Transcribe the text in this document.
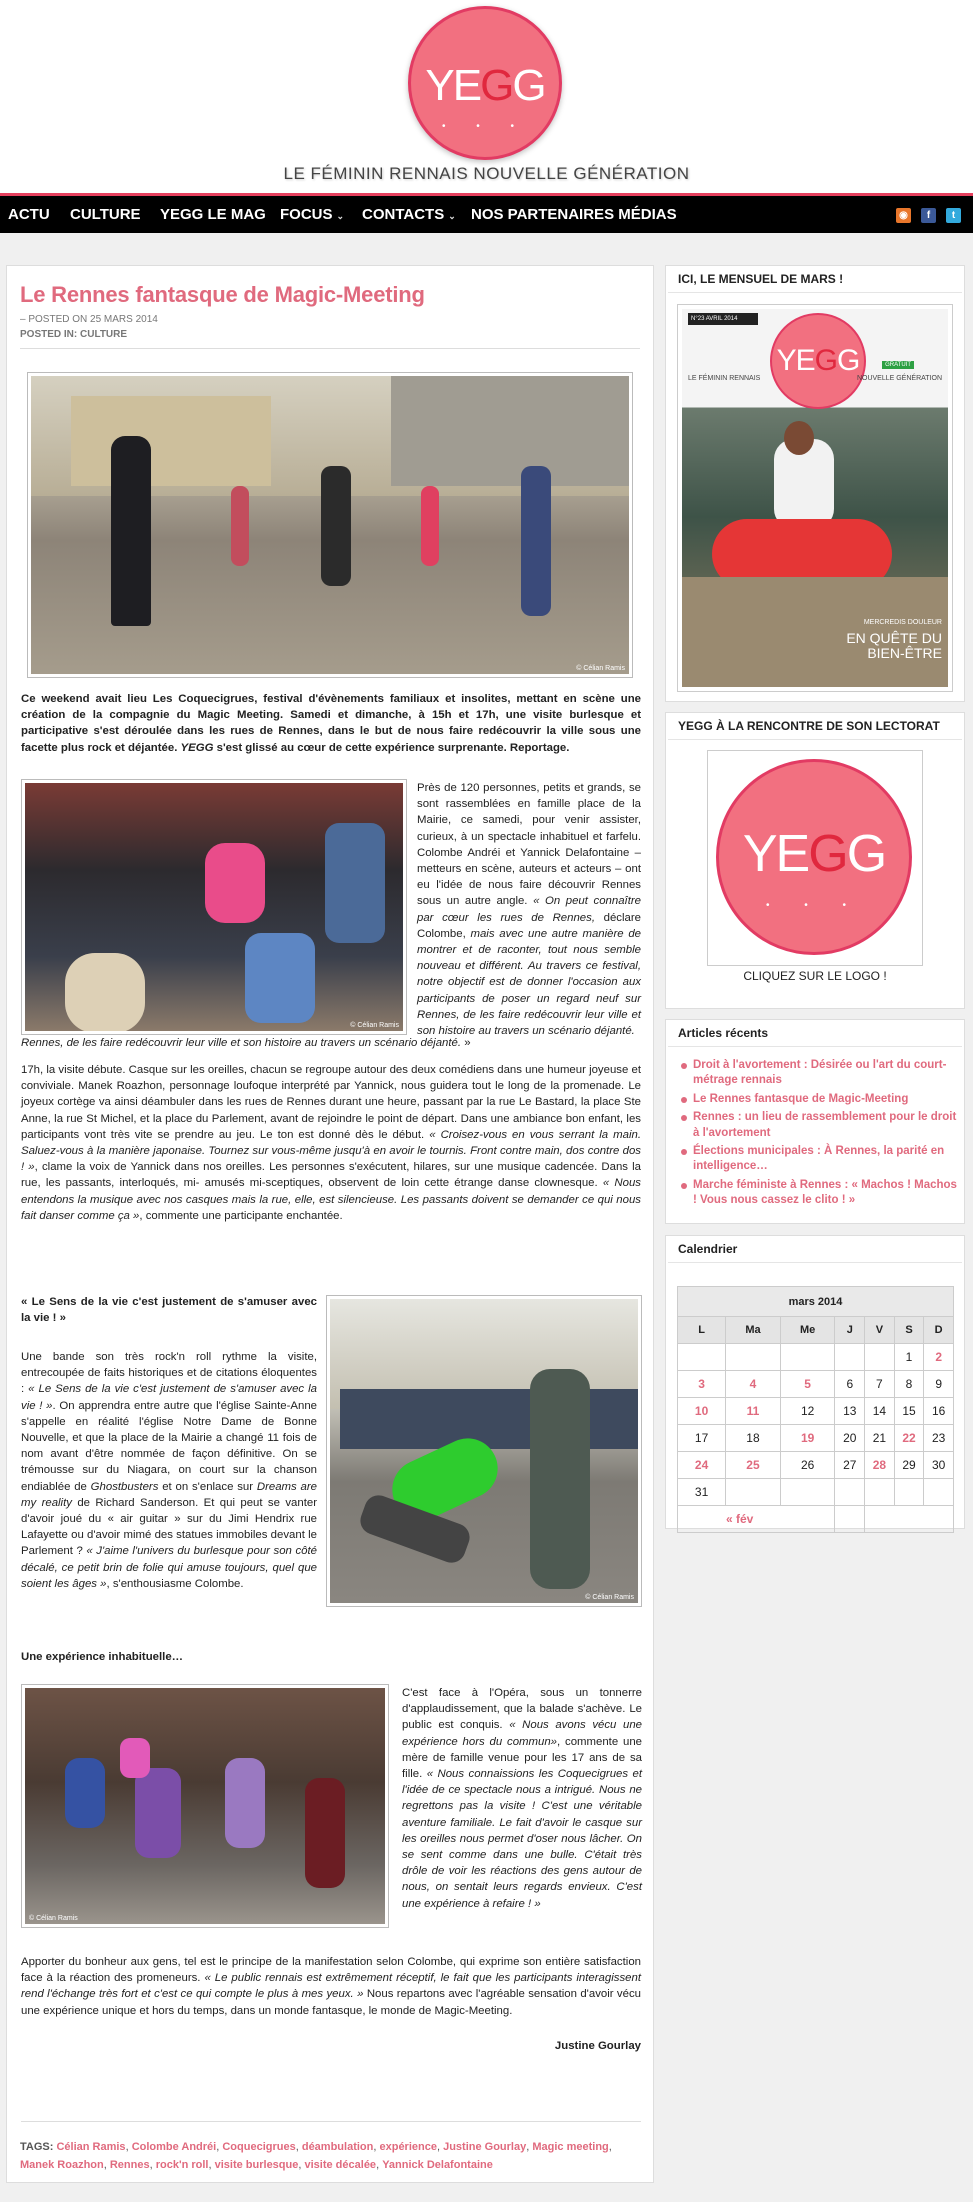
YEGG
• • •
LE FÉMININ RENNAIS NOUVELLE GÉNÉRATION
ACTU CULTURE YEGG LE MAG FOCUS ⌄ CONTACTS ⌄ NOS PARTENAIRES MÉDIAS	◉	f	t
Le Rennes fantasque de Magic-Meeting
– POSTED ON 25 MARS 2014
POSTED IN: CULTURE
© Célian Ramis
Ce weekend avait lieu Les Coquecigrues, festival d'évènements familiaux et insolites, mettant en scène une création de la compagnie du Magic Meeting. Samedi et dimanche, à 15h et 17h, une visite burlesque et participative s'est déroulée dans les rues de Rennes, dans le but de nous faire redécouvrir la ville sous une facette plus rock et déjantée. YEGG s'est glissé au cœur de cette expérience surprenante. Reportage.
© Célian Ramis
Près de 120 personnes, petits et grands, se sont rassemblées en famille place de la Mairie, ce samedi, pour venir assister, curieux, à un spectacle inhabituel et farfelu. Colombe Andréi et Yannick Delafontaine – metteurs en scène, auteurs et acteurs – ont eu l'idée de nous faire découvrir Rennes sous un autre angle. « On peut connaître par cœur les rues de Rennes, déclare Colombe, mais avec une autre manière de montrer et de raconter, tout nous semble nouveau et différent. Au travers ce festival, notre objectif est de donner l'occasion aux participants de poser un regard neuf sur Rennes, de les faire redécouvrir leur ville et son histoire au travers un scénario déjanté.
Rennes, de les faire redécouvrir leur ville et son histoire au travers un scénario déjanté. »
17h, la visite débute. Casque sur les oreilles, chacun se regroupe autour des deux comédiens dans une humeur joyeuse et conviviale. Manek Roazhon, personnage loufoque interprété par Yannick, nous guidera tout le long de la promenade. Le joyeux cortège va ainsi déambuler dans les rues de Rennes durant une heure, passant par la rue Le Bastard, la place Ste Anne, la rue St Michel, et la place du Parlement, avant de rejoindre le point de départ. Dans une ambiance bon enfant, les participants vont très vite se prendre au jeu. Le ton est donné dès le début. « Croisez-vous en vous serrant la main. Saluez-vous à la manière japonaise. Tournez sur vous-même jusqu'à en avoir le tournis. Front contre main, dos contre dos ! », clame la voix de Yannick dans nos oreilles. Les personnes s'exécutent, hilares, sur une musique cadencée. Dans la rue, les passants, interloqués, mi- amusés mi-sceptiques, observent de loin cette étrange danse clownesque. « Nous entendons la musique avec nos casques mais la rue, elle, est silencieuse. Les passants doivent se demander ce qui nous fait danser comme ça », commente une participante enchantée.
« Le Sens de la vie c'est justement de s'amuser avec la vie ! »
© Célian Ramis
Une bande son très rock'n roll rythme la visite, entrecoupée de faits historiques et de citations éloquentes : « Le Sens de la vie c'est justement de s'amuser avec la vie ! ». On apprendra entre autre que l'église Sainte-Anne s'appelle en réalité l'église Notre Dame de Bonne Nouvelle, et que la place de la Mairie a changé 11 fois de nom avant d'être nommée de façon définitive. On se trémousse sur du Niagara, on court sur la chanson endiablée de Ghostbusters et on s'enlace sur Dreams are my reality de Richard Sanderson. Et qui peut se vanter d'avoir joué du « air guitar » sur du Jimi Hendrix rue Lafayette ou d'avoir mimé des statues immobiles devant le Parlement ? « J'aime l'univers du burlesque pour son côté décalé, ce petit brin de folie qui amuse toujours, quel que soient les âges », s'enthousiasme Colombe.
Une expérience inhabituelle…
© Célian Ramis
C'est face à l'Opéra, sous un tonnerre d'applaudissement, que la balade s'achève. Le public est conquis. « Nous avons vécu une expérience hors du commun», commente une mère de famille venue pour les 17 ans de sa fille. « Nous connaissions les Coquecigrues et l'idée de ce spectacle nous a intrigué. Nous ne regrettons pas la visite ! C'est une véritable aventure familiale. Le fait d'avoir le casque sur les oreilles nous permet d'oser nous lâcher. On se sent comme dans une bulle. C'était très drôle de voir les réactions des gens autour de nous, on sentait leurs regards envieux. C'est une expérience à refaire ! »
Apporter du bonheur aux gens, tel est le principe de la manifestation selon Colombe, qui exprime son entière satisfaction face à la réaction des promeneurs. « Le public rennais est extrêmement réceptif, le fait que les participants interagissent rend l'échange très fort et c'est ce qui compte le plus à mes yeux. » Nous repartons avec l'agréable sensation d'avoir vécu une expérience unique et hors du temps, dans un monde fantasque, le monde de Magic-Meeting.
Justine Gourlay
TAGS: Célian Ramis, Colombe Andréi, Coquecigrues, déambulation, expérience, Justine Gourlay, Magic meeting, Manek Roazhon, Rennes, rock'n roll, visite burlesque, visite décalée, Yannick Delafontaine
ICI, LE MENSUEL DE MARS !
N°23 AVRIL 2014
YEGG
LE FÉMININ RENNAIS	NOUVELLE GÉNÉRATION
GRATUIT
MERCREDIS DOULEUR
EN QUÊTE DU BIEN-ÊTRE
YEGG À LA RENCONTRE DE SON LECTORAT
YEGG
• • •
CLIQUEZ SUR LE LOGO !
Articles récents
Droit à l'avortement : Désirée ou l'art du court-métrage rennais
Le Rennes fantasque de Magic-Meeting
Rennes : un lieu de rassemblement pour le droit à l'avortement
Élections municipales : À Rennes, la parité en intelligence…
Marche féministe à Rennes : « Machos ! Machos ! Vous nous cassez le clito ! »
Calendrier
mars 2014
L	Ma	Me	J	V	S	D
					1	2
3	4	5	6	7	8	9
10	11	12	13	14	15	16
17	18	19	20	21	22	23
24	25	26	27	28	29	30
31						
« fév						
